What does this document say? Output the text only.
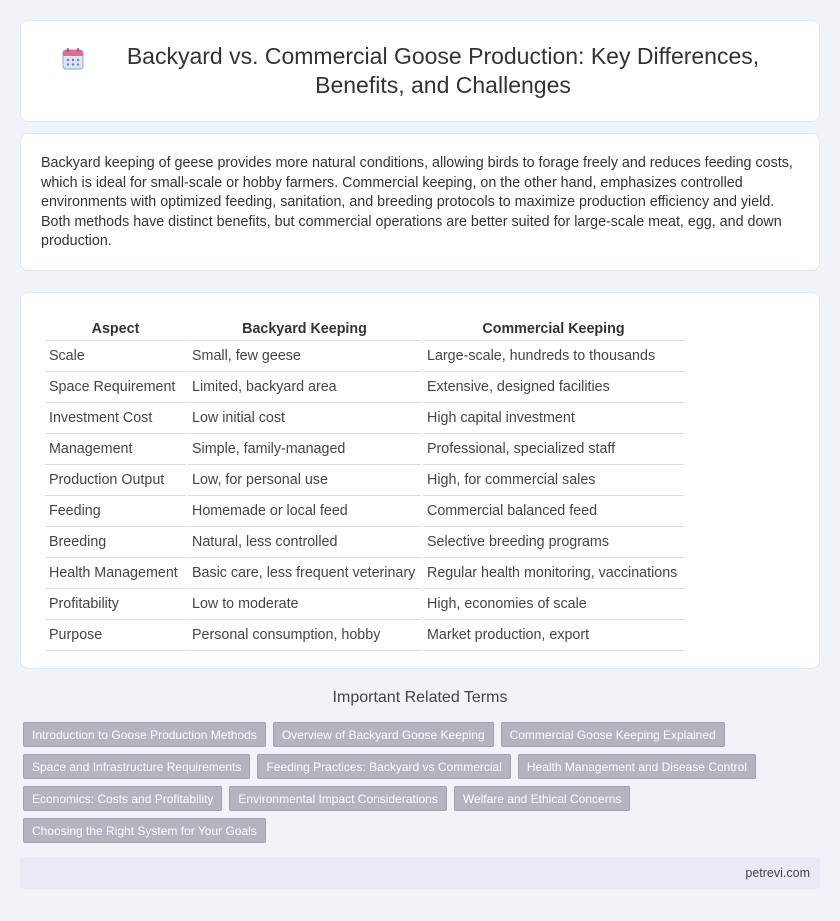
Backyard vs. Commercial Goose Production: Key Differences, Benefits, and Challenges

Backyard keeping of geese provides more natural conditions, allowing birds to forage freely and reduces feeding costs, which is ideal for small-scale or hobby farmers. Commercial keeping, on the other hand, emphasizes controlled environments with optimized feeding, sanitation, and breeding protocols to maximize production efficiency and yield. Both methods have distinct benefits, but commercial operations are better suited for large-scale meat, egg, and down production.

Aspect	Backyard Keeping	Commercial Keeping
Scale	Small, few geese	Large-scale, hundreds to thousands
Space Requirement	Limited, backyard area	Extensive, designed facilities
Investment Cost	Low initial cost	High capital investment
Management	Simple, family-managed	Professional, specialized staff
Production Output	Low, for personal use	High, for commercial sales
Feeding	Homemade or local feed	Commercial balanced feed
Breeding	Natural, less controlled	Selective breeding programs
Health Management	Basic care, less frequent veterinary	Regular health monitoring, vaccinations
Profitability	Low to moderate	High, economies of scale
Purpose	Personal consumption, hobby	Market production, export
Important Related Terms
Introduction to Goose Production Methods	Overview of Backyard Goose Keeping	Commercial Goose Keeping Explained
Space and Infrastructure Requirements	Feeding Practices: Backyard vs Commercial	Health Management and Disease Control
Economics: Costs and Profitability	Environmental Impact Considerations	Welfare and Ethical Concerns
Choosing the Right System for Your Goals
petrevi.com
